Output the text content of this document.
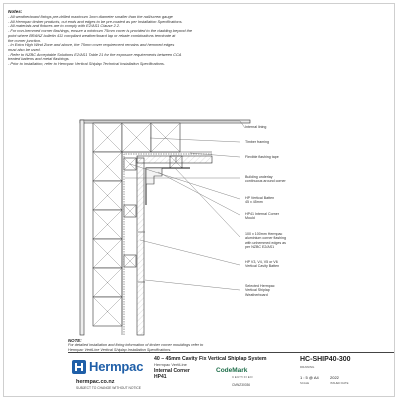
Notes:
- All weatherboard fixings pre-drilled maximum 1mm diameter smaller than the nail/screw gauge
- All Hermpac timber products, cut ends and edges to be pre-coated as per Installation Specifications.
- All materials and fixtures are to comply with E2/AS1 Clause 2.2.
- For non-hemmed corner flashings, ensure a minimum 75mm cover is provided to the cladding beyond the
point where BRANZ bulletin 411 compliant weather/board lap or rebate combinations terminate at
the corner junction.
- In Extra High Wind Zone and above, the 75mm cover requirement remains and hemmed edges
must also be used.
- Refer to NZBC Acceptable Solutions E2/AS1 Table 21 for the exposure requirements between CCA
treated battens and metal flashings.
- Prior to installation, refer to Hermpac Vertical Shiplap Technical Installation Specifications.
Internal lining
Timber framing
Flexible flashing tape
Building underlay
continuous around corner
HP Vertical Batten
45 x 45mm
HP41 Internal Corner
Mould
100 x 100mm Hermpac
aluminium corner flashing
with unhemmed edges as
per NZBC E2/AS1
HP V3, V4, V5 or V6
Vertical Cavity Batten
Selected Hermpac
Vertical Shiplap
Weatherboard
NOTE:
For detailed installation and fixing information of timber corner mouldings refer to
Hermpac VertiLine Vertical Shiplap Installation Specifications.
Hermpac
hermpac.co.nz
SUBJECT TO CHANGE WITHOUT NOTICE
40 – 45mm Cavity Fix Vertical Shiplap System
Hermpac VertiLine
Internal Corner
HP41
CodeMark
CERTIFIED
CMNZ30036
HC-SHIP40-300
DRAWING
1 : 5 @ A4	2022
SCALE	ISSUED DATE
